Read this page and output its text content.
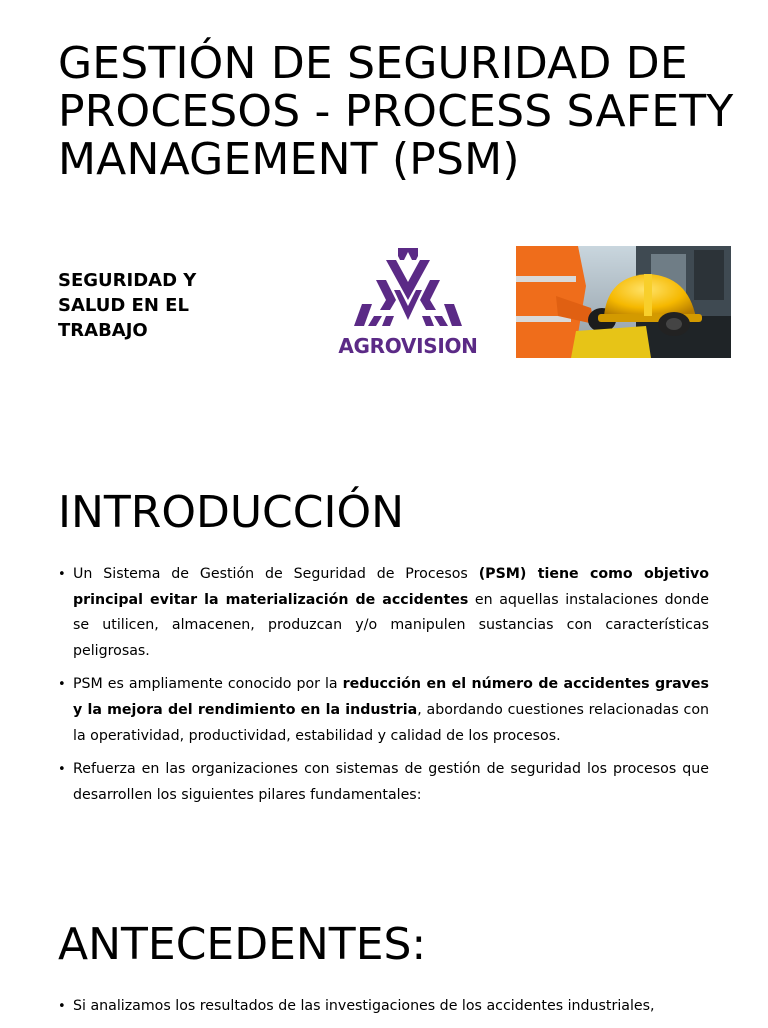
GESTIÓN DE SEGURIDAD DE PROCESOS - PROCESS SAFETY MANAGEMENT (PSM)
SEGURIDAD Y SALUD EN EL TRABAJO
AGROVISION
INTRODUCCIÓN
• Un Sistema de Gestión de Seguridad de Procesos (PSM) tiene como objetivo principal evitar la materialización de accidentes en aquellas instalaciones donde se utilicen, almacenen, produzcan y/o manipulen sustancias con características peligrosas.
• PSM es ampliamente conocido por la reducción en el número de accidentes graves y la mejora del rendimiento en la industria, abordando cuestiones relacionadas con la operatividad, productividad, estabilidad y calidad de los procesos.
• Refuerza en las organizaciones con sistemas de gestión de seguridad los procesos que desarrollen los siguientes pilares fundamentales:
ANTECEDENTES:
• Si analizamos los resultados de las investigaciones de los accidentes industriales,
